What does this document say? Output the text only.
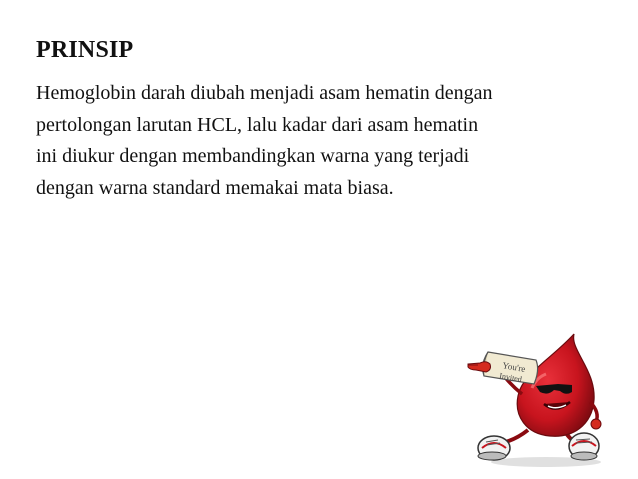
PRINSIP
Hemoglobin darah diubah menjadi asam hematin dengan
pertolongan larutan HCL, lalu kadar dari asam hematin
ini diukur dengan membandingkan warna yang terjadi
dengan warna standard memakai mata biasa.
You're
Invited
